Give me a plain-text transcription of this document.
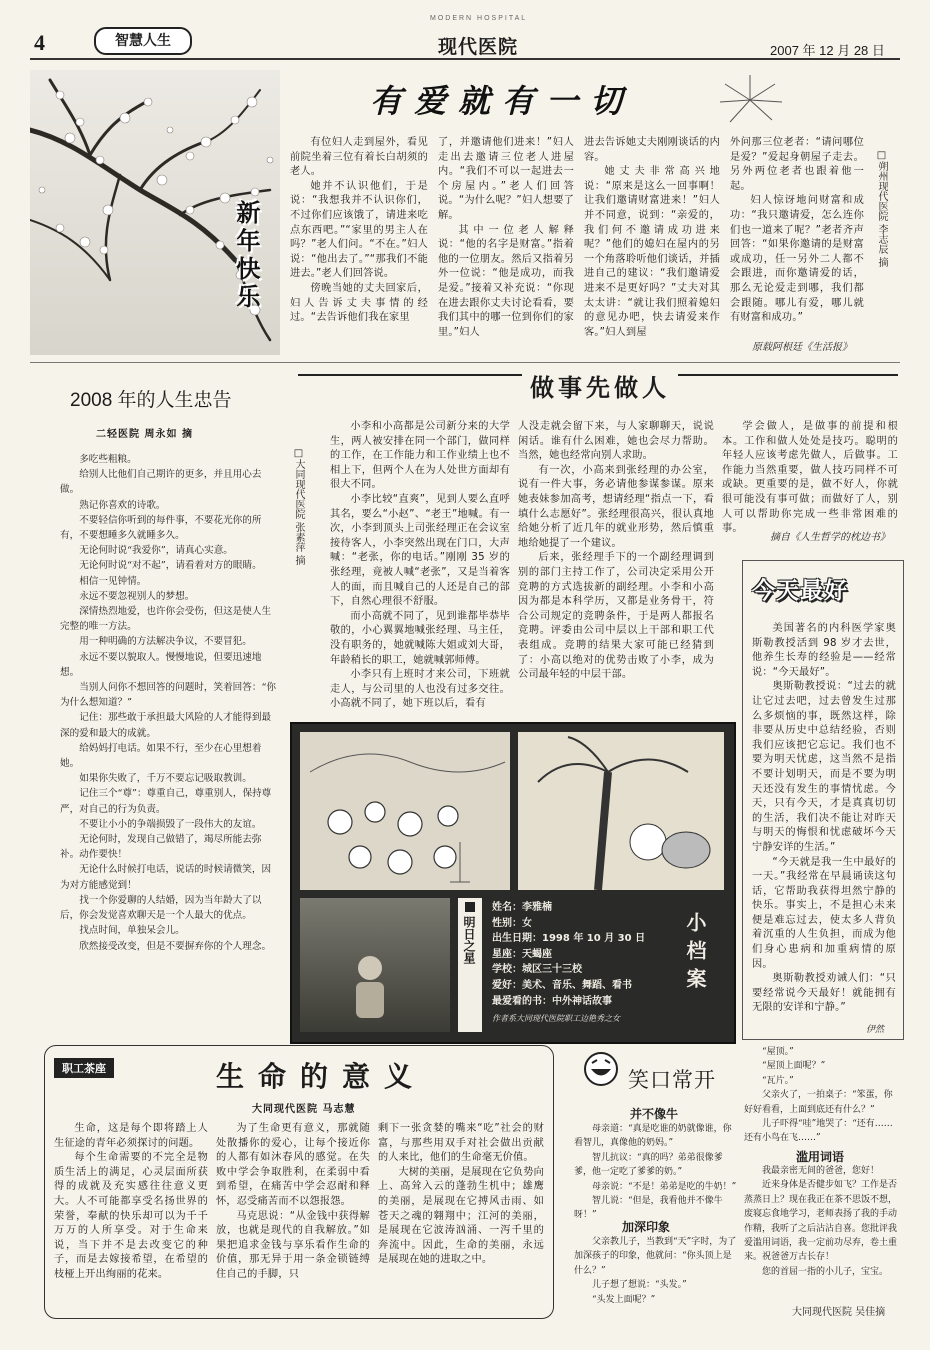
4	智慧人生
MODERN HOSPITAL
现代医院	2007 年 12 月 28 日
新年快乐
有爱就有一切

有位妇人走到屋外，看见前院坐着三位有着长白胡须的老人。

她并不认识他们，于是说：“我想我并不认识你们，不过你们应该饿了，请进来吃点东西吧。”“家里的男主人在吗？”老人们问。“不在。”妇人说：“他出去了。”“那我们不能进去。”老人们回答说。

傍晚当她的丈夫回家后，妇人告诉丈夫事情的经过。“去告诉他们我在家里

了，并邀请他们进来！”妇人走出去邀请三位老人进屋内。“我们不可以一起进去一个房屋内。”老人们回答说。“为什么呢？”妇人想要了解。

其中一位老人解释说：“他的名字是财富。”指着他的一位朋友。然后又指着另外一位说：“他是成功，而我是爱。”接着又补充说：“你现在进去跟你丈夫讨论看看，要我们其中的哪一位到你们的家里。”妇人

进去告诉她丈夫刚刚谈话的内容。

她丈夫非常高兴地说：“原来是这么一回事啊！让我们邀请财富进来！”妇人并不同意，说到：“亲爱的，我们何不邀请成功进来呢？”他们的媳妇在屋内的另一个角落聆听他们谈话，并插进自己的建议：“我们邀请爱进来不是更好吗？”丈夫对其太太讲：“就让我们照着媳妇的意见办吧，快去请爱来作客。”妇人到屋

外问那三位老者：“请问哪位是爱？”爱起身朝屋子走去。另外两位老者也跟着他一起。

妇人惊讶地问财富和成功：“我只邀请爱，怎么连你们也一道来了呢？”老者齐声回答：“如果你邀请的是财富或成功，任一另外二人都不会跟进，而你邀请爱的话，那么无论爱走到哪，我们都会跟随。哪儿有爱，哪儿就有财富和成功。”

原载阿根廷《生活报》
□朔州现代医院 李志辰 摘
2008 年的人生忠告
二轻医院 周永如 摘

多吃些粗粮。

给别人比他们自己期许的更多，并且用心去做。

熟记你喜欢的诗歌。

不要轻信你听到的每件事，不要花光你的所有，不要想睡多久就睡多久。

无论何时说“我爱你”，请真心实意。

无论何时说“对不起”，请看着对方的眼睛。

相信一见钟情。

永远不要忽视别人的梦想。

深情热烈地爱，也许你会受伤，但这是使人生完整的唯一方法。

用一种明确的方法解决争议，不要冒犯。

永远不要以貌取人。慢慢地说，但要迅速地想。

当别人问你不想回答的问题时，笑着回答：“你为什么想知道？”

记住：那些敢于承担最大风险的人才能得到最深的爱和最大的成就。

给妈妈打电话。如果不行，至少在心里想着她。

如果你失败了，千万不要忘记吸取教训。

记住三个“尊”：尊重自己，尊重别人，保持尊严，对自己的行为负责。

不要让小小的争端损毁了一段伟大的友谊。

无论何时，发现自己做错了，竭尽所能去弥补。动作要快！

无论什么时候打电话，说话的时候请微笑，因为对方能感觉到！

找一个你爱聊的人结婚，因为当年龄大了以后，你会发觉喜欢聊天是一个人最大的优点。

找点时间，单独呆会儿。

欣然接受改变，但是不要摒弃你的个人理念。

做事先做人
□大同现代医院 张素萍 摘

小李和小高都是公司新分来的大学生，两人被安排在同一个部门，做同样的工作，在工作能力和工作业绩上也不相上下，但两个人在为人处世方面却有很大不同。

小李比较“直爽”，见到人要么直呼其名，要么“小赵”、“老王”地喊。有一次，小李到顶头上司张经理正在会议室接待客人，小李突然出现在门口，大声喊：“老张，你的电话。”刚刚 35 岁的张经理，竟被人喊“老张”，又是当着客人的面，而且喊自己的人还是自己的部下，自然心理很不舒服。

而小高就不同了，见到谁都毕恭毕敬的，小心翼翼地喊张经理、马主任，没有职务的，她就喊陈大姐或刘大哥，年龄稍长的职工，她就喊郭师傅。

小李只有上班时才来公司，下班就走人，与公司里的人也没有过多交往。小高就不同了，她下班以后，看有

人没走就会留下来，与人家聊聊天，说说闲话。谁有什么困难，她也会尽力帮助。当然，她也经常向别人求助。

有一次，小高来到张经理的办公室，说有一件大事，务必请他参谋参谋。原来她表妹参加高考，想请经理“指点一下，看填什么志愿好”。张经理很高兴，很认真地给她分析了近几年的就业形势，然后慎重地给她提了一个建议。

后来，张经理手下的一个副经理调到别的部门主持工作了，公司决定采用公开竞聘的方式选拔新的副经理。小李和小高因为都是本科学历，又都是业务骨干，符合公司规定的竞聘条件，于是两人都报名竞聘。评委由公司中层以上干部和职工代表组成。竞聘的结果大家可能已经猜到了：小高以绝对的优势击败了小李，成为公司最年轻的中层干部。

学会做人，是做事的前提和根本。工作和做人处处是技巧。聪明的年轻人应该考虑先做人，后做事。工作能力当然重要，做人技巧同样不可或缺。更重要的是，做不好人，你就很可能没有事可做；而做好了人，别人可以帮助你完成一些非常困难的事。

摘自《人生哲学的枕边书》
今天最好

美国著名的内科医学家奥斯勒教授活到 98 岁才去世，他养生长寿的经验是——经常说：“今天最好”。

奥斯勒教授说：“过去的就让它过去吧，过去曾发生过那么多烦恼的事，既然这样，除非要从历史中总结经验，否则我们应该把它忘记。我们也不要为明天忧虑，这当然不是指不要计划明天，而是不要为明天还没有发生的事情忧虑。今天，只有今天，才是真真切切的生活，我们决不能让对昨天与明天的悔恨和忧虑破坏今天宁静安详的生活。”

“今天就是我一生中最好的一天。”我经常在早晨诵读这句话，它帮助我获得坦然宁静的快乐。事实上，不是担心未来便是难忘过去，使太多人背负着沉重的人生负担，而成为他们身心患病和加重病情的原因。

奥斯勒教授劝诫人们：“只要经常说今天最好！就能拥有无限的安详和宁静。”

伊然
明日之星
姓名：李雅楠
性别：女
出生日期：1998 年 10 月 30 日
星座：天蝎座
学校：城区三十三校
爱好：美术、音乐、舞蹈、看书
最爱看的书：中外神话故事
作者系大同现代医院职工边艳秀之女
小档案
职工茶座	生命的意义
大同现代医院 马志慧

生命，这是每个即将踏上人生征途的青年必须探讨的问题。

每个生命需要的不完全是物质生活上的满足，心灵层面所获得的成就及充实感往往意义更大。人不可能都享受名扬世界的荣誉，奉献的快乐却可以为千千万万的人所享受。对于生命来说，当下并不是去改变它的种子，而是去嫁接希望，在希望的枝桠上开出绚丽的花来。

为了生命更有意义，那就随处散播你的爱心，让每个接近你的人都有如沐春风的感觉。在失败中学会争取胜利，在柔弱中看到希望，在痛苦中学会忍耐和释怀，忍受痛苦而不以怨报怨。

马克思说：“从金钱中获得解放，也就是现代的自我解放。”如果把追求金钱与享乐看作生命的价值，那无异于用一条金锁链缚住自己的手脚，只

剩下一张贪婪的嘴来“吃”社会的财富，与那些用双手对社会做出贡献的人来比，他们的生命毫无价值。

大树的美丽，是展现在它负势向上、高耸入云的蓬勃生机中；雄鹰的美丽，是展现在它搏风击雨、如苍天之魂的翱翔中；江河的美丽，是展现在它波涛汹涌、一泻千里的奔流中。因此，生命的美丽，永远是展现在她的进取之中。

笑口常开
并不像牛

母亲道：“真是吃谁的奶就像谁，你看智儿，真像他的奶妈。”

智儿抗议：“真的吗？弟弟很像爹爹，他一定吃了爹爹的奶。”

母亲说：“不是！弟弟是吃的牛奶！”

智儿说：“但是，我看他并不像牛呀！”

加深印象

父亲教儿子，当教到“天”字时，为了加深孩子的印象，他就问：“你头顶上是什么？”

儿子想了想说：“头发。”

“头发上面呢？”

“屋顶。”

“屋顶上面呢？”

“瓦片。”

父亲火了，一拍桌子：“笨蛋，你好好看看，上面到底还有什么？”

儿子吓得“哇”地哭了：“还有……还有小鸟在飞……”

滥用词语

我最亲密无间的爸爸，您好！

近来身体是否健步如飞？工作是否蒸蒸日上？现在我正在茶不思饭不想，废寝忘食地学习，老师表扬了我的手动作精，我听了之后沾沾自喜。您批评我爱滥用词语，我一定前功尽弃，卷土重来。祝爸爸万古长存！

您的首屈一指的小儿子，宝宝。

大同现代医院 吴佳摘
